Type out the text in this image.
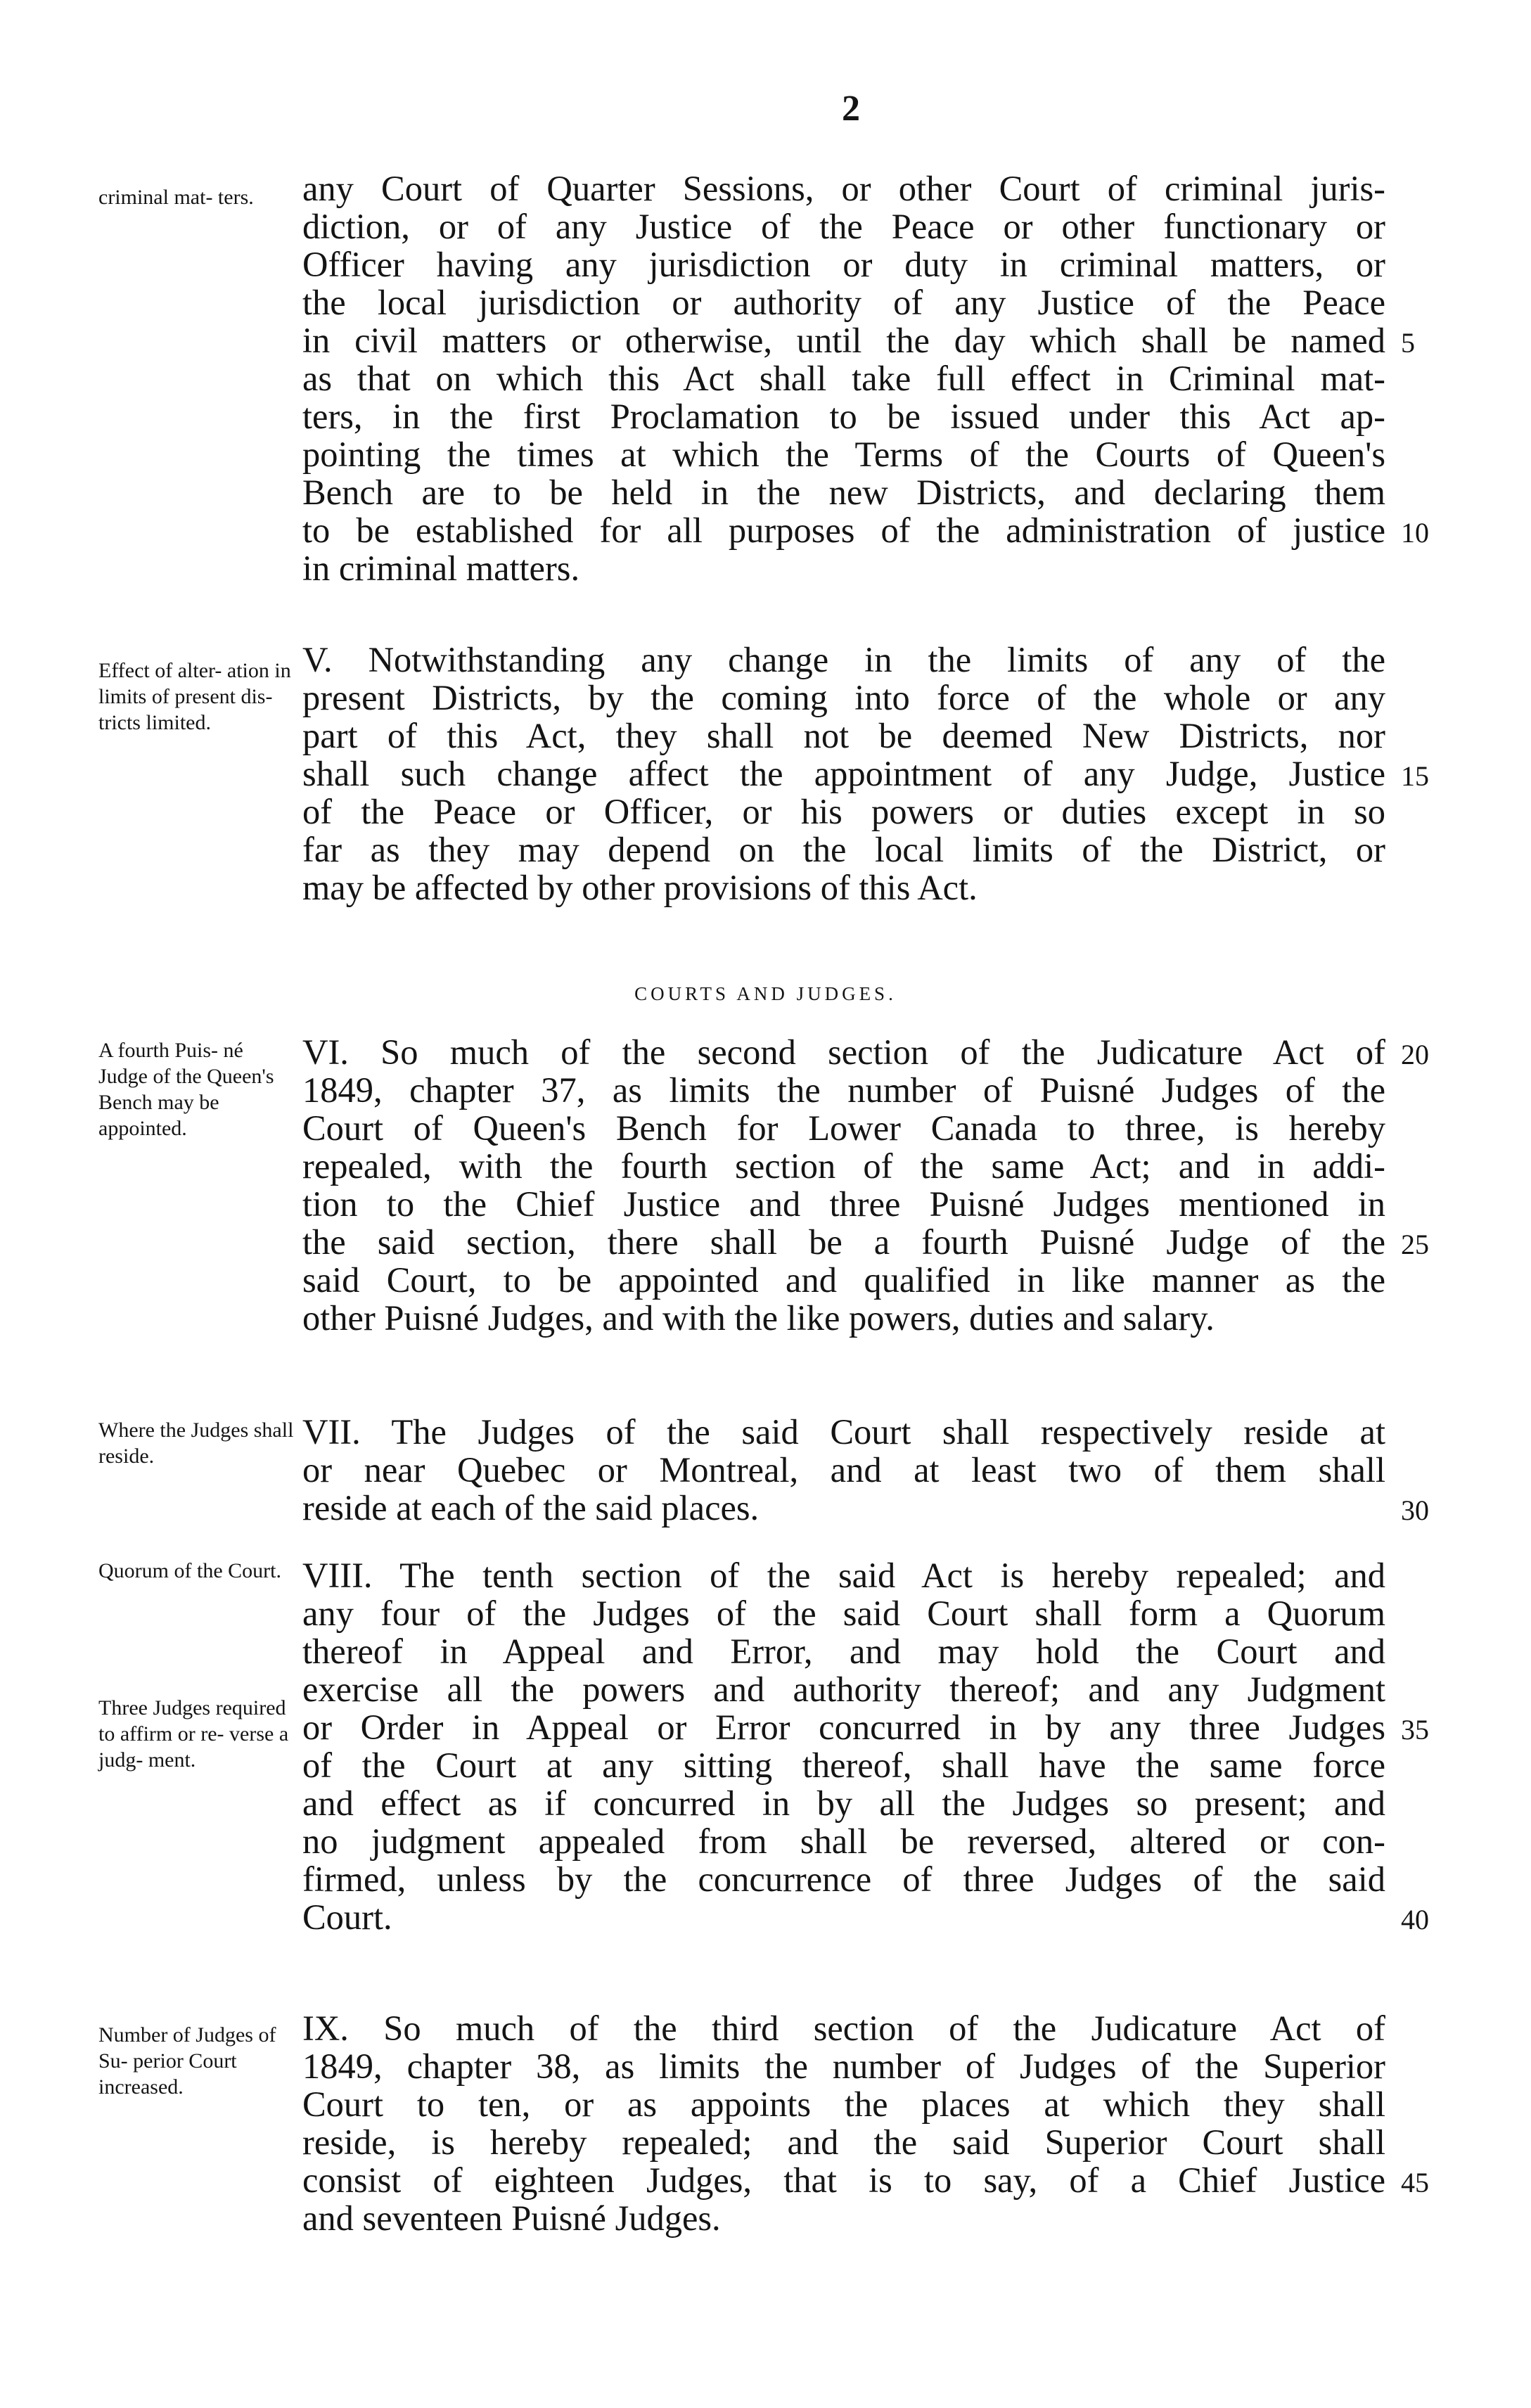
2
criminal mat- ters.
Effect of alter- ation in limits of present dis- tricts limited.
A fourth Puis- né Judge of the Queen's Bench may be appointed.
Where the Judges shall reside.
Quorum of the Court.
Three Judges required to affirm or re- verse a judg- ment.
Number of Judges of Su- perior Court increased.
COURTS AND JUDGES.
any Court of Quarter Sessions, or other Court of criminal juris-
diction, or of any Justice of the Peace or other functionary or
Officer having any jurisdiction or duty in criminal matters, or
the local jurisdiction or authority of any Justice of the Peace
in civil matters or otherwise, until the day which shall be named
as that on which this Act shall take full effect in Criminal mat-
ters, in the first Proclamation to be issued under this Act ap-
pointing the times at which the Terms of the Courts of Queen's
Bench are to be held in the new Districts, and declaring them
to be established for all purposes of the administration of justice
in criminal matters.
V. Notwithstanding any change in the limits of any of the
present Districts, by the coming into force of the whole or any
part of this Act, they shall not be deemed New Districts, nor
shall such change affect the appointment of any Judge, Justice
of the Peace or Officer, or his powers or duties except in so
far as they may depend on the local limits of the District, or
may be affected by other provisions of this Act.
VI. So much of the second section of the Judicature Act of
1849, chapter 37, as limits the number of Puisné Judges of the
Court of Queen's Bench for Lower Canada to three, is hereby
repealed, with the fourth section of the same Act; and in addi-
tion to the Chief Justice and three Puisné Judges mentioned in
the said section, there shall be a fourth Puisné Judge of the
said Court, to be appointed and qualified in like manner as the
other Puisné Judges, and with the like powers, duties and salary.
VII. The Judges of the said Court shall respectively reside at
or near Quebec or Montreal, and at least two of them shall
reside at each of the said places.
VIII. The tenth section of the said Act is hereby repealed; and
any four of the Judges of the said Court shall form a Quorum
thereof in Appeal and Error, and may hold the Court and
exercise all the powers and authority thereof; and any Judgment
or Order in Appeal or Error concurred in by any three Judges
of the Court at any sitting thereof, shall have the same force
and effect as if concurred in by all the Judges so present; and
no judgment appealed from shall be reversed, altered or con-
firmed, unless by the concurrence of three Judges of the said
Court.
IX. So much of the third section of the Judicature Act of
1849, chapter 38, as limits the number of Judges of the Superior
Court to ten, or as appoints the places at which they shall
reside, is hereby repealed; and the said Superior Court shall
consist of eighteen Judges, that is to say, of a Chief Justice
and seventeen Puisné Judges.
5
10
15
20
25
30
35
40
45
